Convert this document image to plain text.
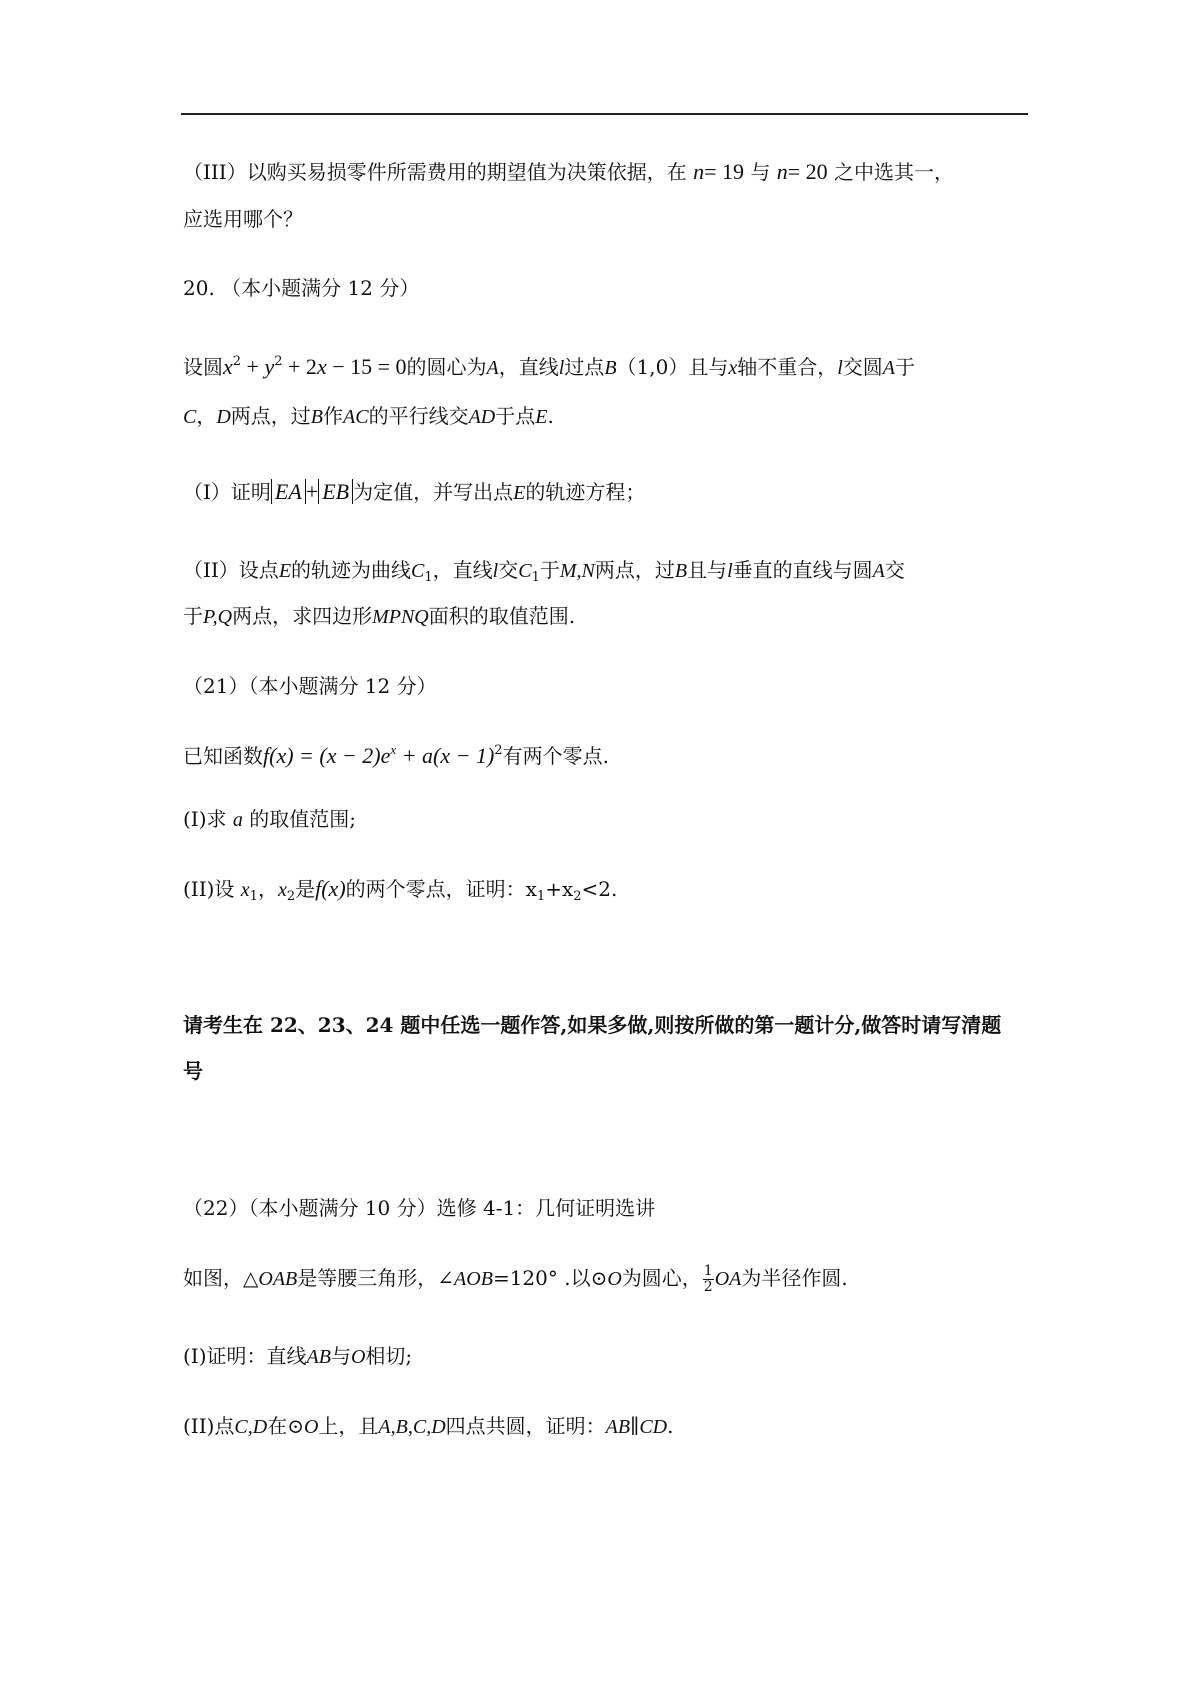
（III）以购买易损零件所需费用的期望值为决策依据，在 n= 19 与 n= 20 之中选其一，
应选用哪个？
20. （本小题满分 12 分）
设圆$x^2 + y^2 + 2x - 15 = 0$的圆心为A，直线l过点B（1,0）且与x轴不重合，l交圆A于
C，D两点，过B作AC的平行线交AD于点E.
（I）证明 EA + EB 为定值，并写出点E的轨迹方程；
（II）设点E的轨迹为曲线$C_1$，直线l交$C_1$于M,N两点，过B且与l垂直的直线与圆A交
于P,Q两点，求四边形MPNQ面积的取值范围.
（21）（本小题满分 12 分）
已知函数$f(x) = (x - 2)e^x + a(x - 1)^2$有两个零点.
(I)求 a 的取值范围;
(II)设 $x_1$，$x_2$是f(x)的两个零点，证明：$x_1+x_2<2$.
请考生在 22、23、24 题中任选一题作答,如果多做,则按所做的第一题计分,做答时请写清题
号
（22）（本小题满分 10 分）选修 4-1：几何证明选讲
如图，△OAB是等腰三角形，∠AOB=120° .以⊙O为圆心， $\frac{1}{2}$ OA为半径作圆.
(I)证明：直线AB与O相切;
(II)点C,D在⊙O上，且A,B,C,D四点共圆，证明：AB∥CD.
